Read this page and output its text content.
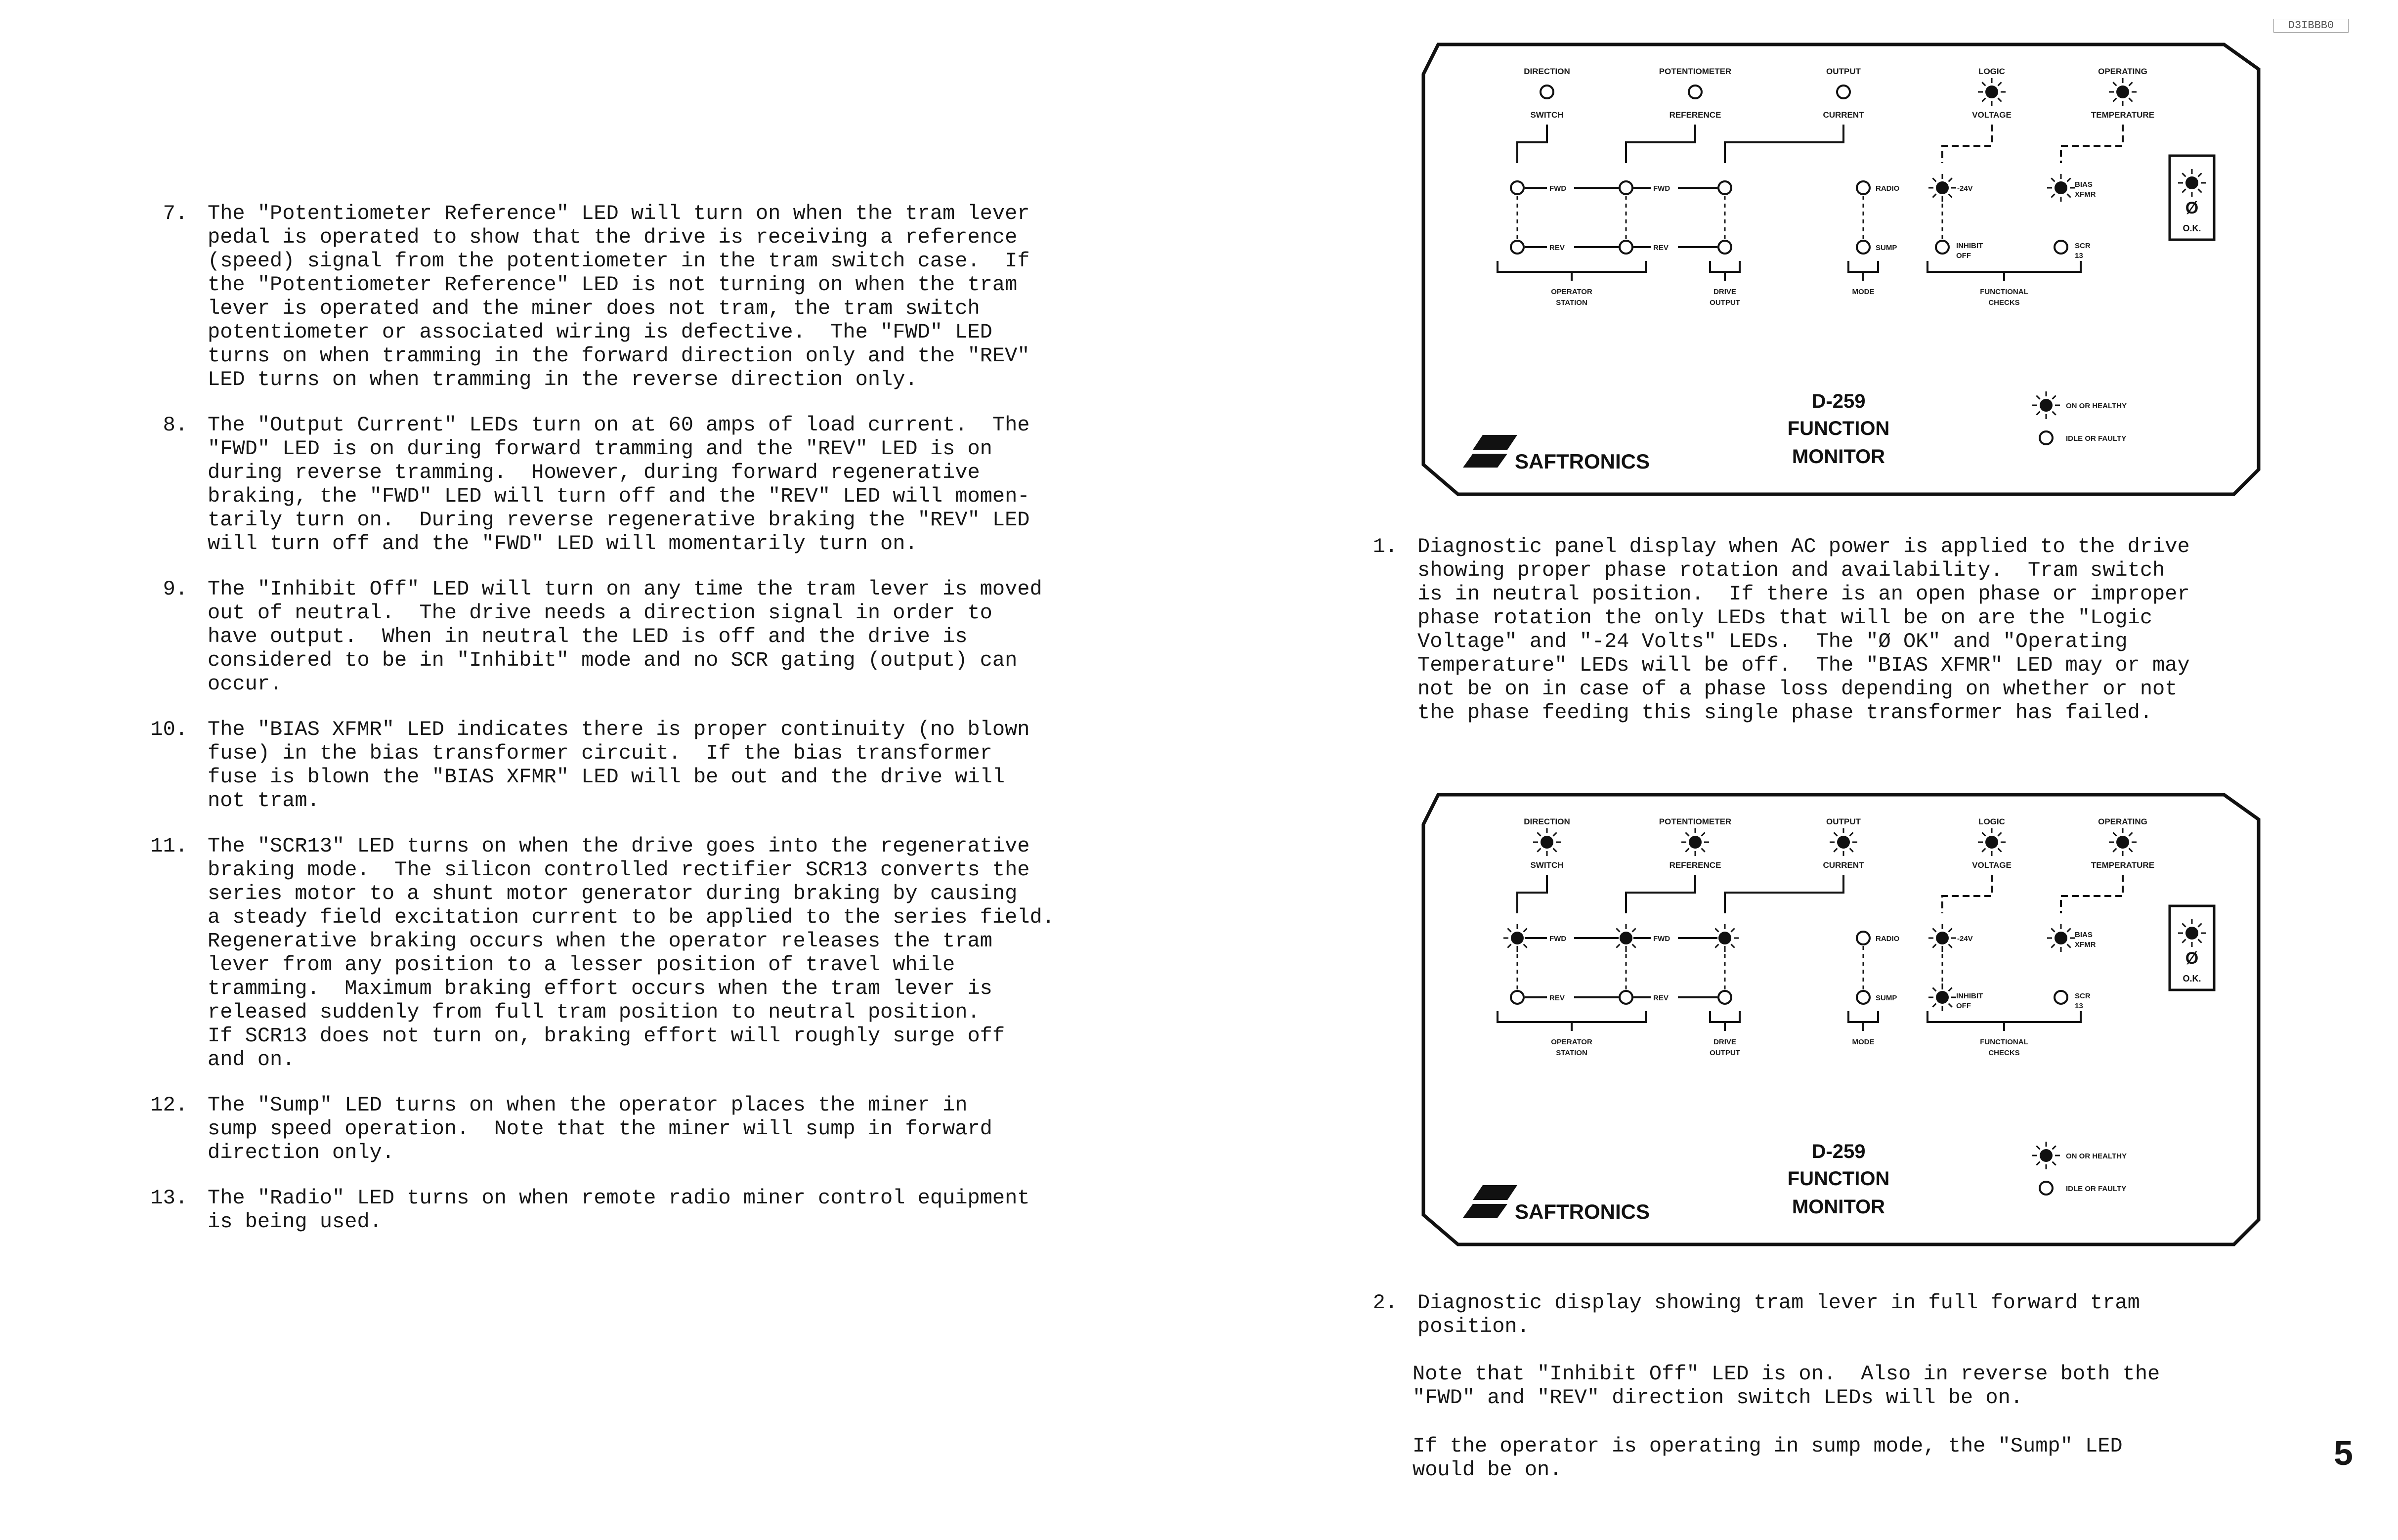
D3IBBB0
7. The "Potentiometer Reference" LED will turn on when the tram lever
pedal is operated to show that the drive is receiving a reference
(speed) signal from the potentiometer in the tram switch case.  If
the "Potentiometer Reference" LED is not turning on when the tram
lever is operated and the miner does not tram, the tram switch
potentiometer or associated wiring is defective.  The "FWD" LED
turns on when tramming in the forward direction only and the "REV"
LED turns on when tramming in the reverse direction only.
8. The "Output Current" LEDs turn on at 60 amps of load current.  The
"FWD" LED is on during forward tramming and the "REV" LED is on
during reverse tramming.  However, during forward regenerative
braking, the "FWD" LED will turn off and the "REV" LED will momen-
tarily turn on.  During reverse regenerative braking the "REV" LED
will turn off and the "FWD" LED will momentarily turn on.
9. The "Inhibit Off" LED will turn on any time the tram lever is moved
out of neutral.  The drive needs a direction signal in order to
have output.  When in neutral the LED is off and the drive is
considered to be in "Inhibit" mode and no SCR gating (output) can
occur.
10. The "BIAS XFMR" LED indicates there is proper continuity (no blown
fuse) in the bias transformer circuit.  If the bias transformer
fuse is blown the "BIAS XFMR" LED will be out and the drive will
not tram.
11. The "SCR13" LED turns on when the drive goes into the regenerative
braking mode.  The silicon controlled rectifier SCR13 converts the
series motor to a shunt motor generator during braking by causing
a steady field excitation current to be applied to the series field.
Regenerative braking occurs when the operator releases the tram
lever from any position to a lesser position of travel while
tramming.  Maximum braking effort occurs when the tram lever is
released suddenly from full tram position to neutral position.
If SCR13 does not turn on, braking effort will roughly surge off
and on.
12. The "Sump" LED turns on when the operator places the miner in
sump speed operation.  Note that the miner will sump in forward
direction only.
13. The "Radio" LED turns on when remote radio miner control equipment
is being used.
DIRECTION
SWITCH
POTENTIOMETER
REFERENCE
OUTPUT
CURRENT
LOGIC
VOLTAGE
OPERATING
TEMPERATURE
FWD	FWD
REV	REV
RADIO
SUMP
-24V	BIAS
XFMR
INHIBIT
OFF
SCR
13
Ø
O.K.
OPERATOR
STATION
DRIVE
OUTPUT
MODE	FUNCTIONAL
CHECKS
D-259
FUNCTION
MONITOR
ON OR HEALTHY
IDLE OR FAULTY
SAFTRONICS
1. Diagnostic panel display when AC power is applied to the drive
showing proper phase rotation and availability.  Tram switch
is in neutral position.  If there is an open phase or improper
phase rotation the only LEDs that will be on are the "Logic
Voltage" and "-24 Volts" LEDs.  The "Ø OK" and "Operating
Temperature" LEDs will be off.  The "BIAS XFMR" LED may or may
not be on in case of a phase loss depending on whether or not
the phase feeding this single phase transformer has failed.
DIRECTION
SWITCH
POTENTIOMETER
REFERENCE
OUTPUT
CURRENT
LOGIC
VOLTAGE
OPERATING
TEMPERATURE
FWD	FWD
REV	REV
RADIO
SUMP
-24V	BIAS
XFMR
INHIBIT
OFF
SCR
13
Ø
O.K.
OPERATOR
STATION
DRIVE
OUTPUT
MODE	FUNCTIONAL
CHECKS
D-259
FUNCTION
MONITOR
ON OR HEALTHY
IDLE OR FAULTY
SAFTRONICS
2. Diagnostic display showing tram lever in full forward tram
position.
Note that "Inhibit Off" LED is on.  Also in reverse both the
"FWD" and "REV" direction switch LEDs will be on.
If the operator is operating in sump mode, the "Sump" LED
would be on.	5
